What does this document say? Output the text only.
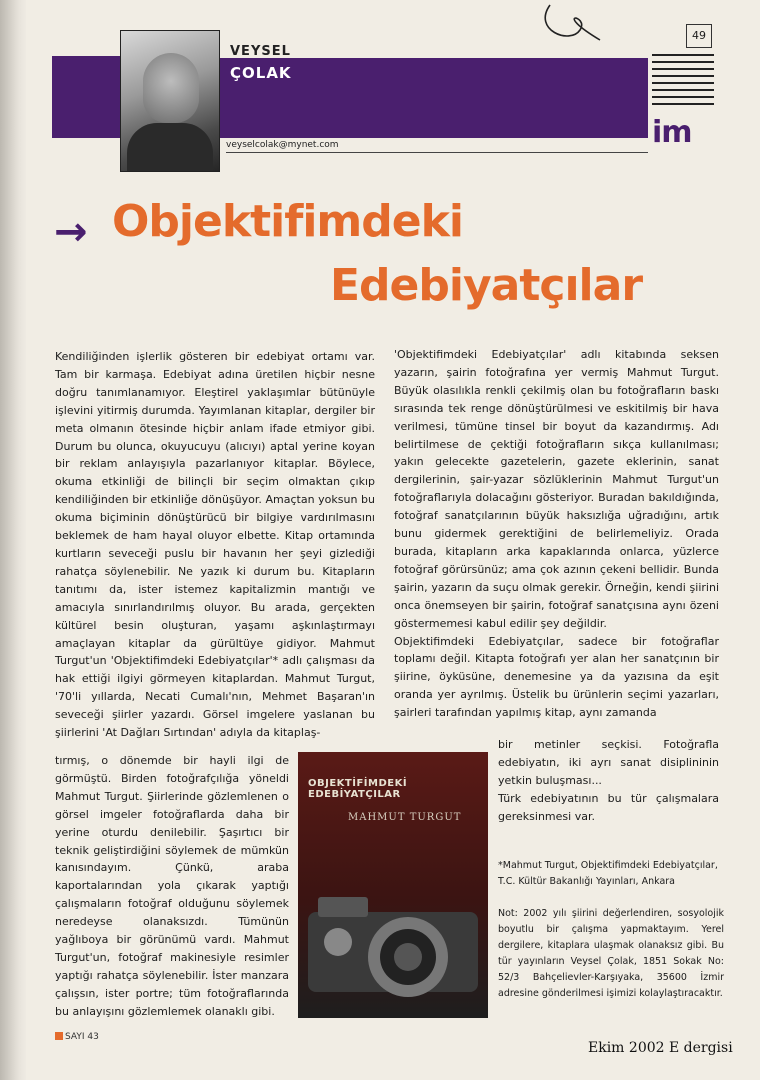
49
im
VEYSEL
ÇOLAK
veyselcolak@mynet.com
→ Objektifimdeki
Edebiyatçılar

Kendiliğinden işlerlik gösteren bir edebiyat ortamı var. Tam bir karmaşa. Edebiyat adına üretilen hiçbir nesne doğru tanımlanamıyor. Eleştirel yaklaşımlar bütünüyle işlevini yitirmiş durumda. Yayımlanan kitaplar, dergiler bir meta olmanın ötesinde hiçbir anlam ifade etmiyor gibi. Durum bu olunca, okuyucuyu (alıcıyı) aptal yerine koyan bir reklam anlayışıyla pazarlanıyor kitaplar. Böylece, okuma etkinliği de bilinçli bir seçim olmaktan çıkıp kendiliğinden bir etkinliğe dönüşüyor. Amaçtan yoksun bu okuma biçiminin dönüştürücü bir bilgiye vardırılmasını beklemek de ham hayal oluyor elbette. Kitap ortamında kurtların seveceği puslu bir havanın her şeyi gizlediği rahatça söylenebilir. Ne yazık ki durum bu. Kitapların tanıtımı da, ister istemez kapitalizmin mantığı ve amacıyla sınırlandırılmış oluyor. Bu arada, gerçekten kültürel besin oluşturan, yaşamı aşkınlaştırmayı amaçlayan kitaplar da gürültüye gidiyor. Mahmut Turgut'un 'Objektifimdeki Edebiyatçılar'* adlı çalışması da hak ettiği ilgiyi görmeyen kitaplardan. Mahmut Turgut, '70'li yıllarda, Necati Cumalı'nın, Mehmet Başaran'ın seveceği şiirler yazardı. Görsel imgelere yaslanan bu şiirlerini 'At Dağları Sırtından' adıyla da kitaplaş-

tırmış, o dönemde bir hayli ilgi de görmüştü. Birden fotoğrafçılığa yöneldi Mahmut Turgut. Şiirlerinde gözlemlenen o görsel imgeler fotoğraflarda daha bir yerine oturdu denilebilir. Şaşırtıcı bir teknik geliştirdiğini söylemek de mümkün kanısındayım. Çünkü, araba kaportalarından yola çıkarak yaptığı çalışmaların fotoğraf olduğunu söylemek neredeyse olanaksızdı. Tümünün yağlıboya bir görünümü vardı. Mahmut Turgut'un, fotoğraf makinesiyle resimler yaptığı rahatça söylenebilir. İster manzara çalışsın, ister portre; tüm fotoğraflarında bu anlayışını gözlemlemek olanaklı gibi.

'Objektifimdeki Edebiyatçılar' adlı kitabında seksen yazarın, şairin fotoğrafına yer vermiş Mahmut Turgut. Büyük olasılıkla renkli çekilmiş olan bu fotoğrafların baskı sırasında tek renge dönüştürülmesi ve eskitilmiş bir hava verilmesi, tümüne tinsel bir boyut da kazandırmış. Adı belirtilmese de çektiği fotoğrafların sıkça kullanılması; yakın gelecekte gazetelerin, gazete eklerinin, sanat dergilerinin, şair-yazar sözlüklerinin Mahmut Turgut'un fotoğraflarıyla dolacağını gösteriyor. Buradan bakıldığında, fotoğraf sanatçılarının büyük haksızlığa uğradığını, artık bunu gidermek gerektiğini de belirlemeliyiz. Orada burada, kitapların arka kapaklarında onlarca, yüzlerce fotoğraf görürsünüz; ama çok azının çekeni bellidir. Bunda şairin, yazarın da suçu olmak gerekir. Örneğin, kendi şiirini onca önemseyen bir şairin, fotoğraf sanatçısına aynı özeni göstermemesi kabul edilir şey değildir.

Objektifimdeki Edebiyatçılar, sadece bir fotoğraflar toplamı değil. Kitapta fotoğrafı yer alan her sanatçının bir şiirine, öyküsüne, denemesine ya da yazısına da eşit oranda yer ayrılmış. Üstelik bu ürünlerin seçimi yazarları, şairleri tarafından yapılmış kitap, aynı zamanda

bir metinler seçkisi. Fotoğrafla edebiyatın, iki ayrı sanat disiplininin yetkin buluşması...

Türk edebiyatının bu tür çalışmalara gereksinmesi var.

OBJEKTİFİMDEKİ EDEBİYATÇILAR
MAHMUT TURGUT
*Mahmut Turgut, Objektifimdeki Edebiyatçılar, T.C. Kültür Bakanlığı Yayınları, Ankara
Not: 2002 yılı şiirini değerlendiren, sosyolojik boyutlu bir çalışma yapmaktayım. Yerel dergilere, kitaplara ulaşmak olanaksız gibi. Bu tür yayınların Veysel Çolak, 1851 Sokak No: 52/3 Bahçelievler-Karşıyaka, 35600 İzmir adresine gönderilmesi işimizi kolaylaştıracaktır.
SAYI 43
Ekim 2002 E dergisi
